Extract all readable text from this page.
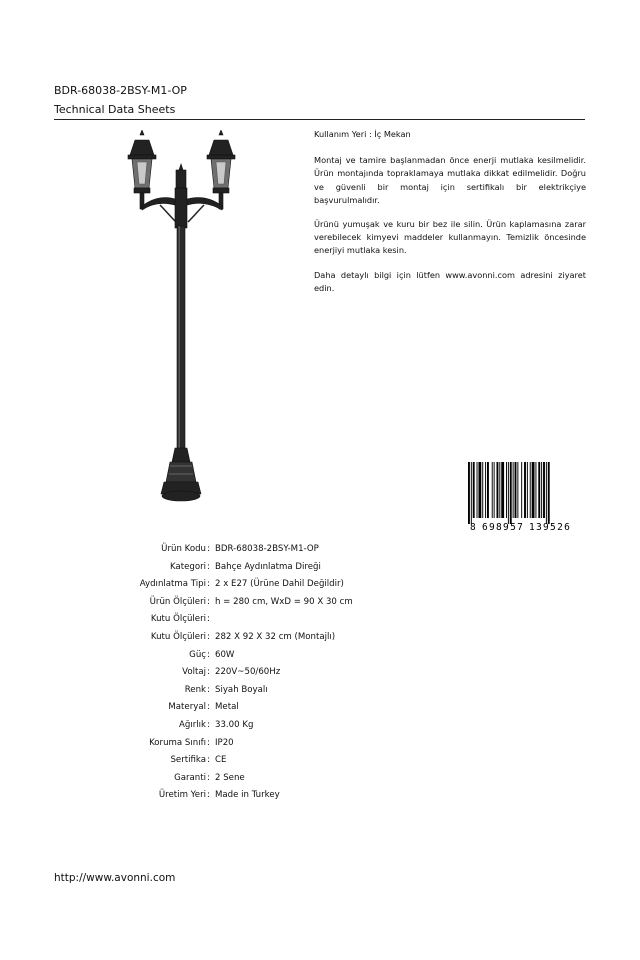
BDR-68038-2BSY-M1-OP
Technical Data Sheets

Kullanım Yeri : İç Mekan

Montaj ve tamire başlanmadan önce enerji mutlaka kesilmelidir. Ürün montajında topraklamaya mutlaka dikkat edilmelidir. Doğru ve güvenli bir montaj için sertifikalı bir elektrikçiye başvurulmalıdır.

Ürünü yumuşak ve kuru bir bez ile silin. Ürün kaplamasına zarar verebilecek kimyevi maddeler kullanmayın. Temizlik öncesinde enerjiyi mutlaka kesin.

Daha detaylı bilgi için lütfen www.avonni.com adresini ziyaret edin.

8 698957 139526
Ürün Kodu : BDR-68038-2BSY-M1-OP
Kategori : Bahçe Aydınlatma Direği
Aydınlatma Tipi : 2 x E27 (Ürüne Dahil Değildir)
Ürün Ölçüleri : h = 280 cm, WxD = 90 X 30 cm
Kutu Ölçüleri :
Kutu Ölçüleri : 282 X 92 X 32 cm (Montajlı)
Güç : 60W
Voltaj : 220V~50/60Hz
Renk : Siyah Boyalı
Materyal : Metal
Ağırlık : 33.00 Kg
Koruma Sınıfı : IP20
Sertifika : CE
Garanti : 2 Sene
Üretim Yeri : Made in Turkey
http://www.avonni.com
